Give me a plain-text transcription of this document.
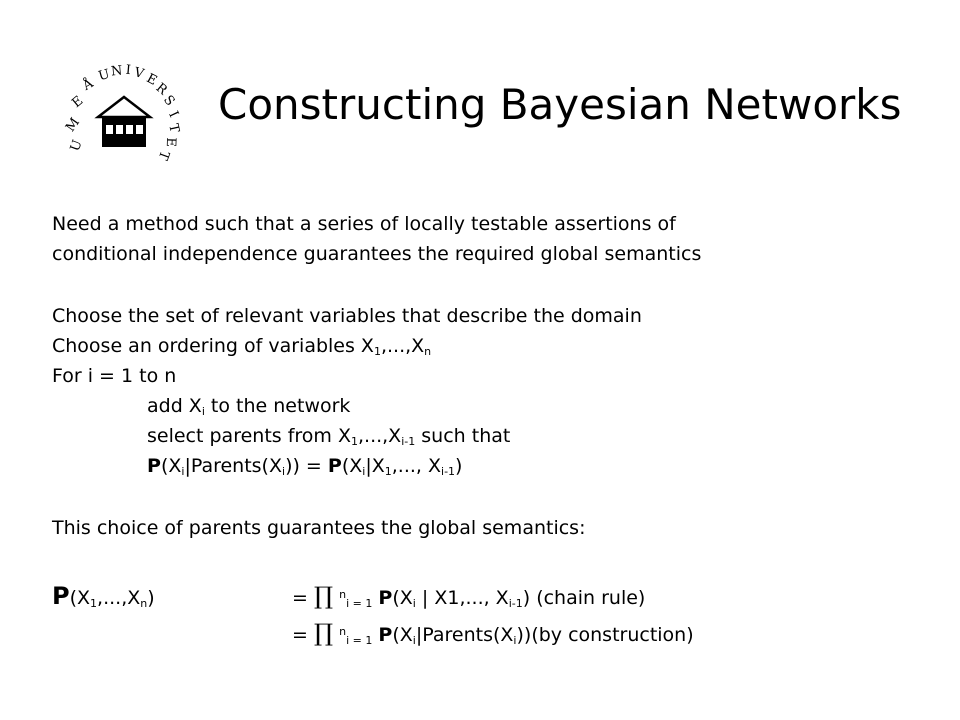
U
M
E
Å
U N I V
E
R
S
I
T
E
T
Constructing Bayesian Networks
Need a method such that a series of locally testable assertions of
conditional independence guarantees the required global semantics
Choose the set of relevant variables that describe the domain
Choose an ordering of variables $X_1,...,X_n$
For i = 1 to n
add $X_i$ to the network
select parents from $X_1,...,X_{i-1}$ such that
$P(X_i|Parents(X_i)) = P(X_i|X_1$,..., $X_{i-1}$)
This choice of parents guarantees the global semantics:
$P(X_1,...,X_n)$	= ∏ $^n_{i = 1}$ $P(X_i$ | X1,..., $X_{i-1}$) (chain rule)
= ∏ $^n_{i = 1}$ $P(X_i|Parents(X_i))(by$ construction)
